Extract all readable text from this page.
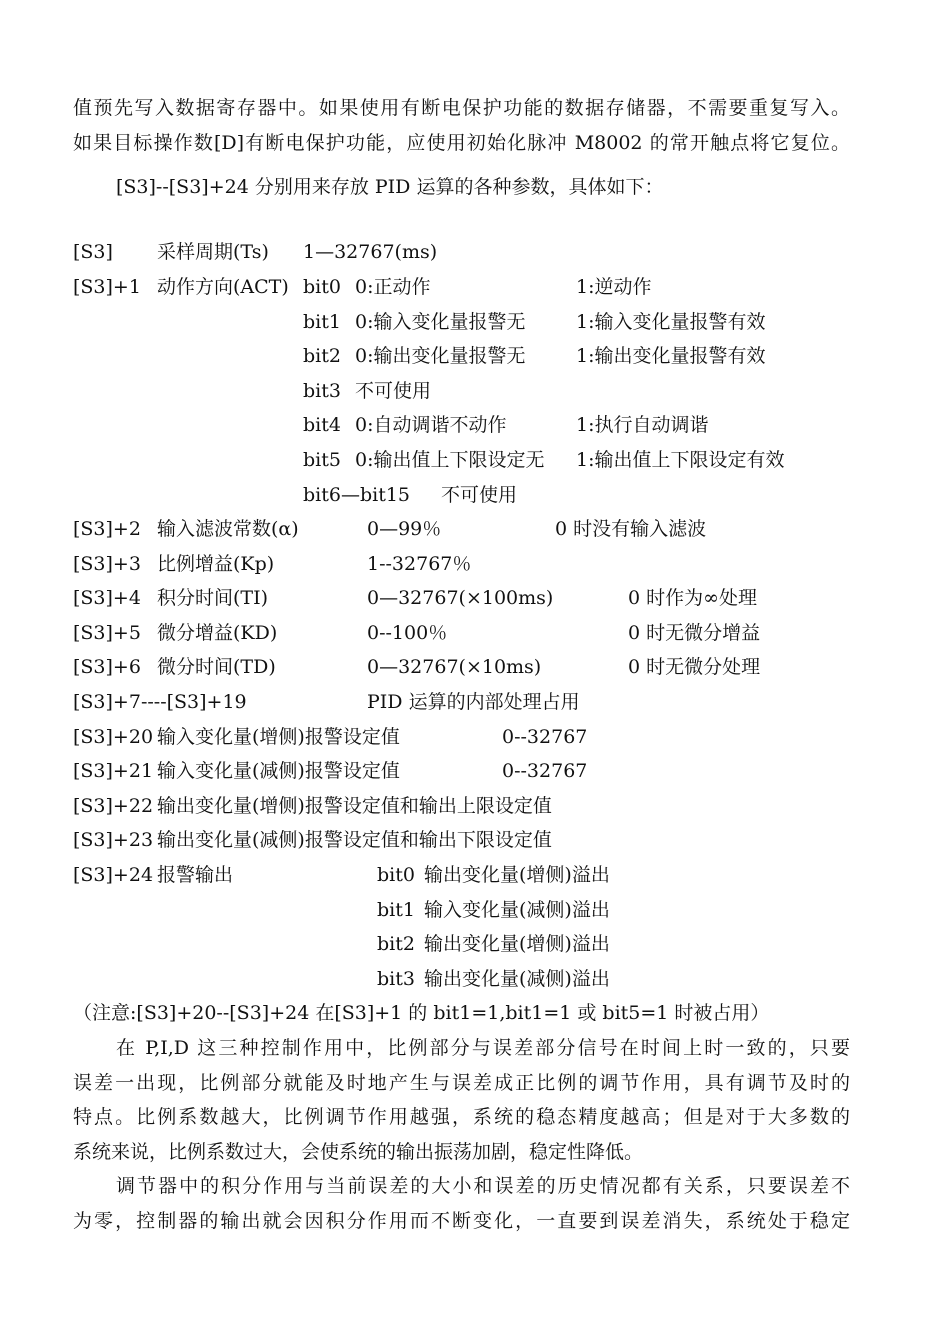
值预先写入数据寄存器中。如果使用有断电保护功能的数据存储器，不需要重复写入。
如果目标操作数[D]有断电保护功能，应使用初始化脉冲 M8002 的常开触点将它复位。
[S3]--[S3]+24 分别用来存放 PID 运算的各种参数，具体如下：
[S3] 采样周期(Ts) 1—32767(ms)
[S3]+1 动作方向(ACT) bit0 0:正动作	1:逆动作
bit1 0:输入变化量报警无	1:输入变化量报警有效
bit2 0:输出变化量报警无	1:输出变化量报警有效
bit3 不可使用
bit4 0:自动调谐不动作	1:执行自动调谐
bit5 0:输出值上下限设定无 1:输出值上下限设定有效
bit6—bit15 不可使用
[S3]+2 输入滤波常数(α)	0—99％	0 时没有输入滤波
[S3]+3 比例增益(Kp)	1--32767％
[S3]+4 积分时间(TI)	0—32767(×100ms)	0 时作为∞处理
[S3]+5 微分增益(KD)	0--100％	0 时无微分增益
[S3]+6 微分时间(TD)	0—32767(×10ms)	0 时无微分处理
[S3]+7----[S3]+19	PID 运算的内部处理占用
[S3]+20 输入变化量(增侧)报警设定值	0--32767
[S3]+21 输入变化量(减侧)报警设定值	0--32767
[S3]+22 输出变化量(增侧)报警设定值和输出上限设定值
[S3]+23 输出变化量(减侧)报警设定值和输出下限设定值
[S3]+24 报警输出	bit0 输出变化量(增侧)溢出
bit1 输入变化量(减侧)溢出
bit2 输出变化量(增侧)溢出
bit3 输出变化量(减侧)溢出
（注意:[S3]+20--[S3]+24 在[S3]+1 的 bit1=1,bit1=1 或 bit5=1 时被占用）
在 P,I,D 这三种控制作用中，比例部分与误差部分信号在时间上时一致的，只要
误差一出现，比例部分就能及时地产生与误差成正比例的调节作用，具有调节及时的
特点。比例系数越大，比例调节作用越强，系统的稳态精度越高；但是对于大多数的
系统来说，比例系数过大，会使系统的输出振荡加剧，稳定性降低。
调节器中的积分作用与当前误差的大小和误差的历史情况都有关系，只要误差不
为零，控制器的输出就会因积分作用而不断变化，一直要到误差消失，系统处于稳定
